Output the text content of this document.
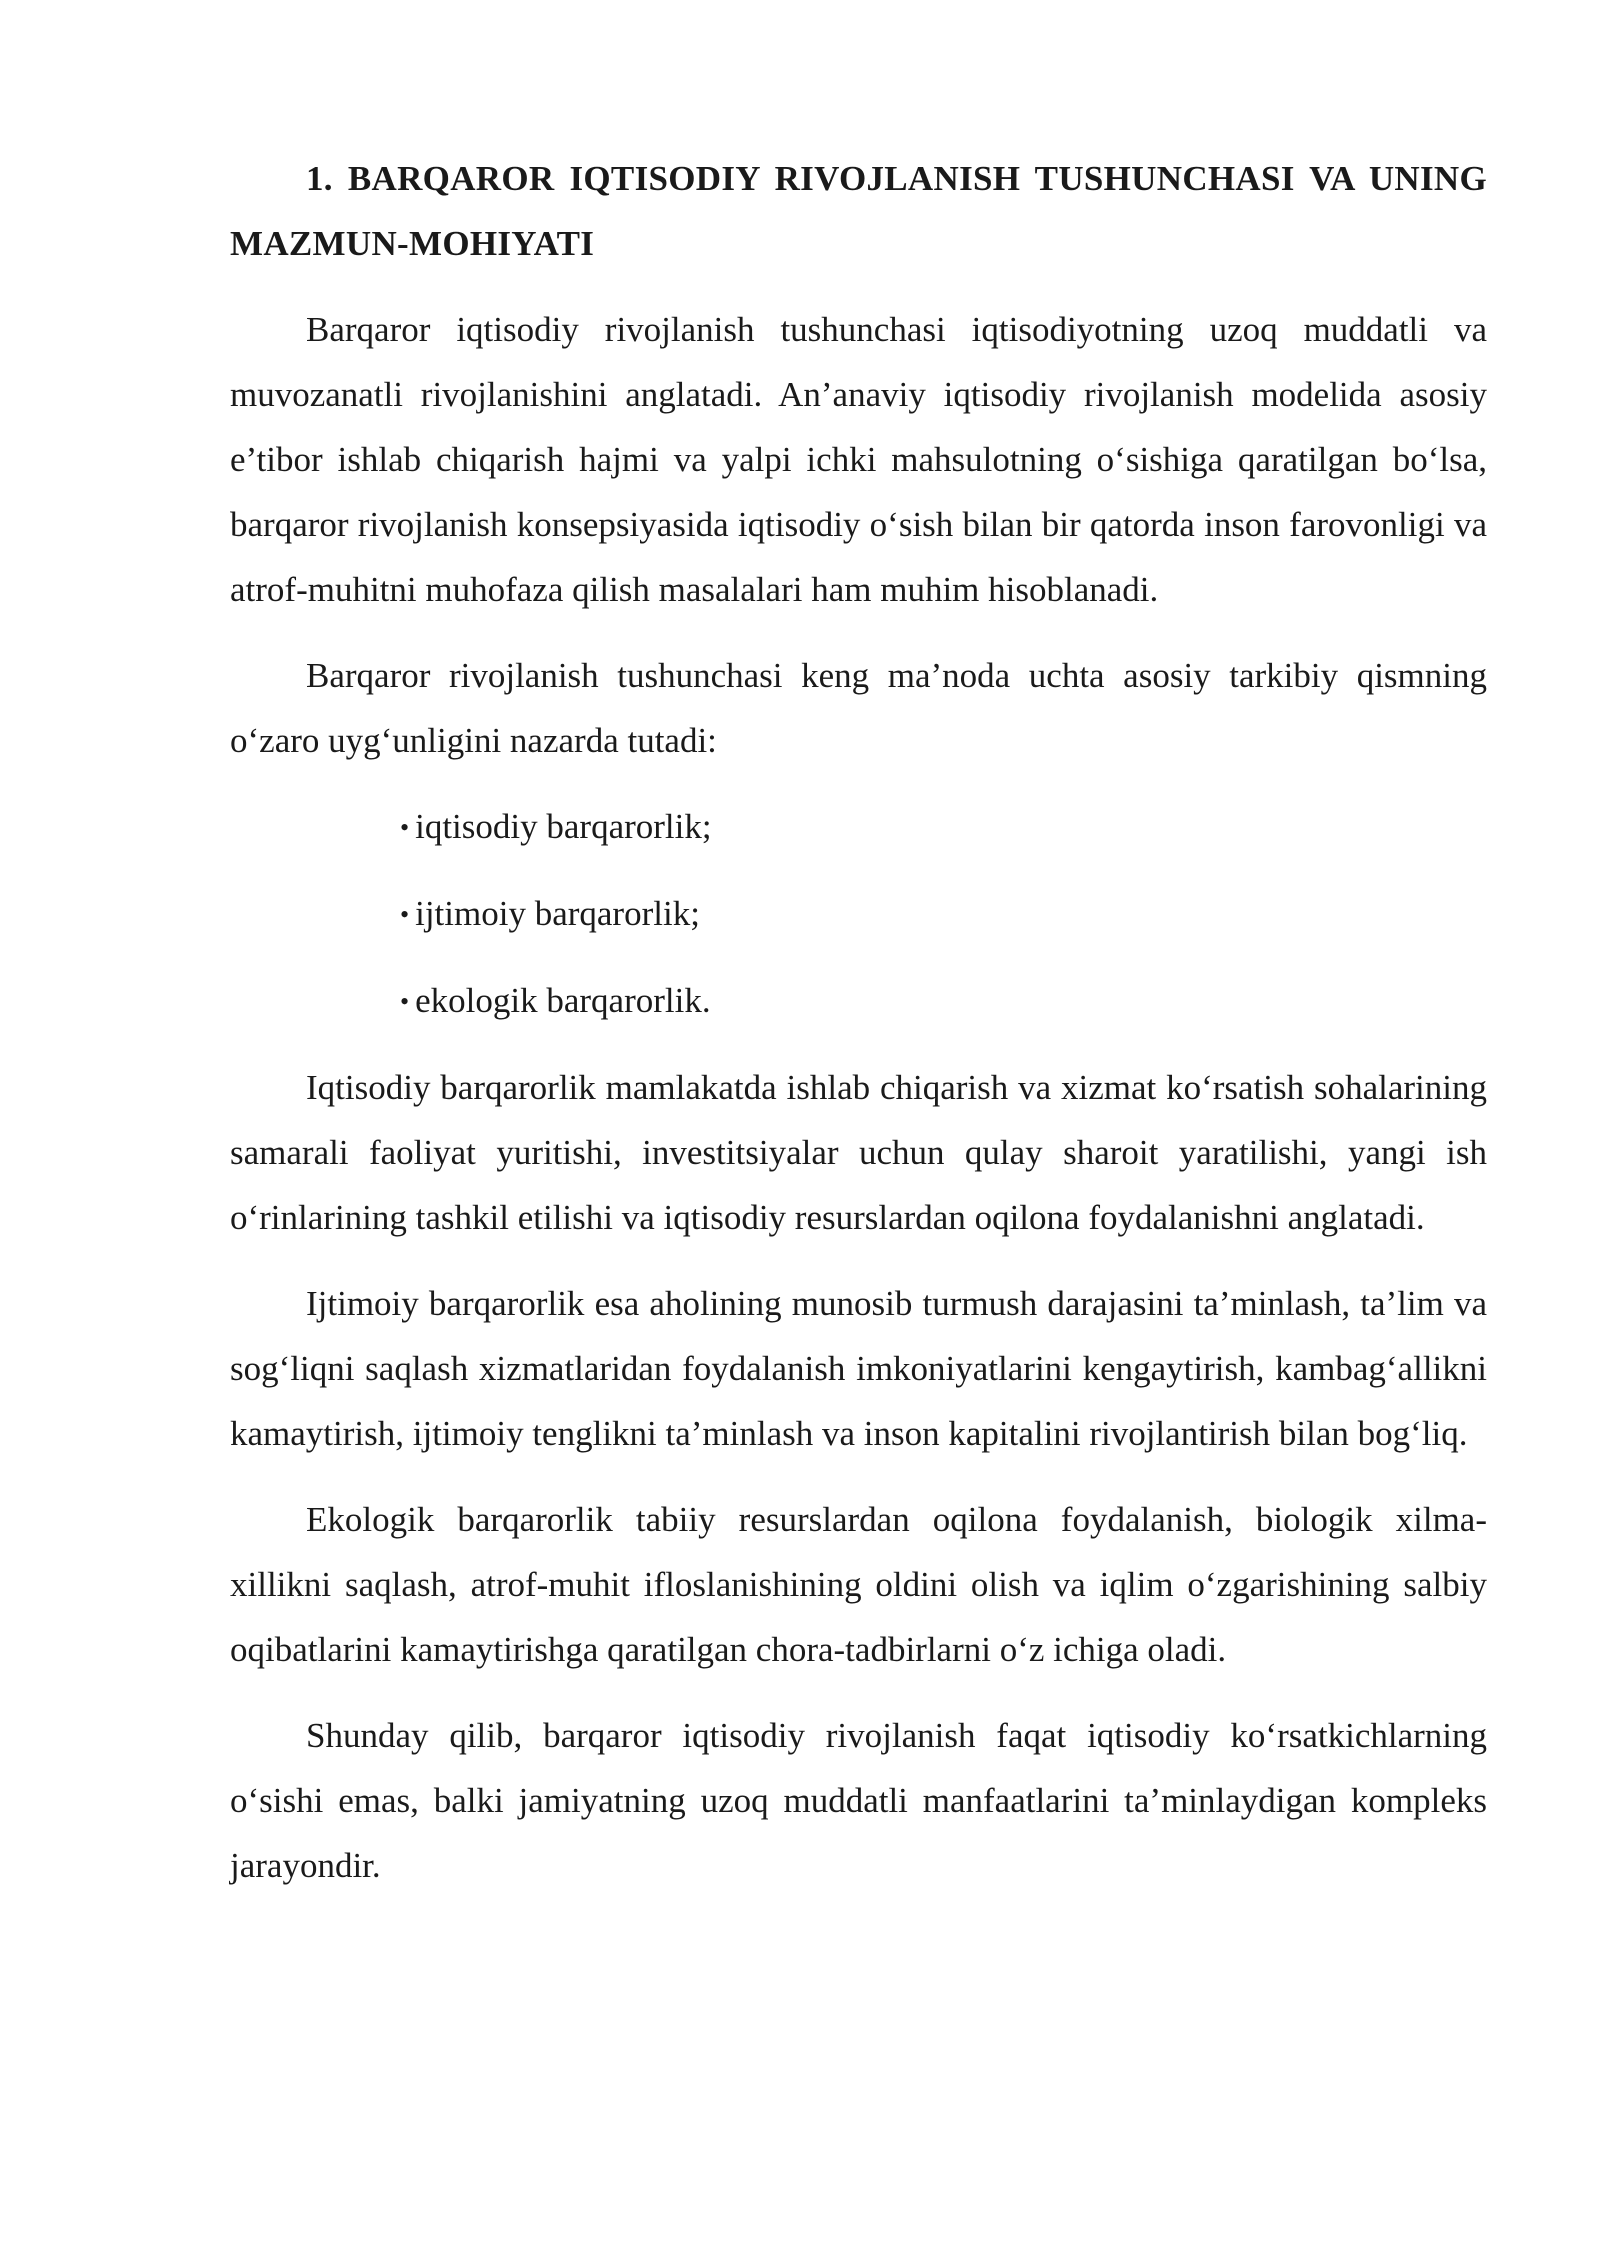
1. BARQAROR IQTISODIY RIVOJLANISH TUSHUNCHASI VA UNING MAZMUN-MOHIYATI

Barqaror iqtisodiy rivojlanish tushunchasi iqtisodiyotning uzoq muddatli va muvozanatli rivojlanishini anglatadi. An’anaviy iqtisodiy rivojlanish modelida asosiy e’tibor ishlab chiqarish hajmi va yalpi ichki mahsulotning o‘sishiga qaratilgan bo‘lsa, barqaror rivojlanish konsepsiyasida iqtisodiy o‘sish bilan bir qatorda inson farovonligi va atrof-muhitni muhofaza qilish masalalari ham muhim hisoblanadi.

Barqaror rivojlanish tushunchasi keng ma’noda uchta asosiy tarkibiy qismning o‘zaro uyg‘unligini nazarda tutadi:

• iqtisodiy barqarorlik;
• ijtimoiy barqarorlik;
• ekologik barqarorlik.

Iqtisodiy barqarorlik mamlakatda ishlab chiqarish va xizmat ko‘rsatish sohalarining samarali faoliyat yuritishi, investitsiyalar uchun qulay sharoit yaratilishi, yangi ish o‘rinlarining tashkil etilishi va iqtisodiy resurslardan oqilona foydalanishni anglatadi.

Ijtimoiy barqarorlik esa aholining munosib turmush darajasini ta’minlash, ta’lim va sog‘liqni saqlash xizmatlaridan foydalanish imkoniyatlarini kengaytirish, kambag‘allikni kamaytirish, ijtimoiy tenglikni ta’minlash va inson kapitalini rivojlantirish bilan bog‘liq.

Ekologik barqarorlik tabiiy resurslardan oqilona foydalanish, biologik xilma-xillikni saqlash, atrof-muhit ifloslanishining oldini olish va iqlim o‘zgarishining salbiy oqibatlarini kamaytirishga qaratilgan chora-tadbirlarni o‘z ichiga oladi.

Shunday qilib, barqaror iqtisodiy rivojlanish faqat iqtisodiy ko‘rsatkichlarning o‘sishi emas, balki jamiyatning uzoq muddatli manfaatlarini ta’minlaydigan kompleks jarayondir.
